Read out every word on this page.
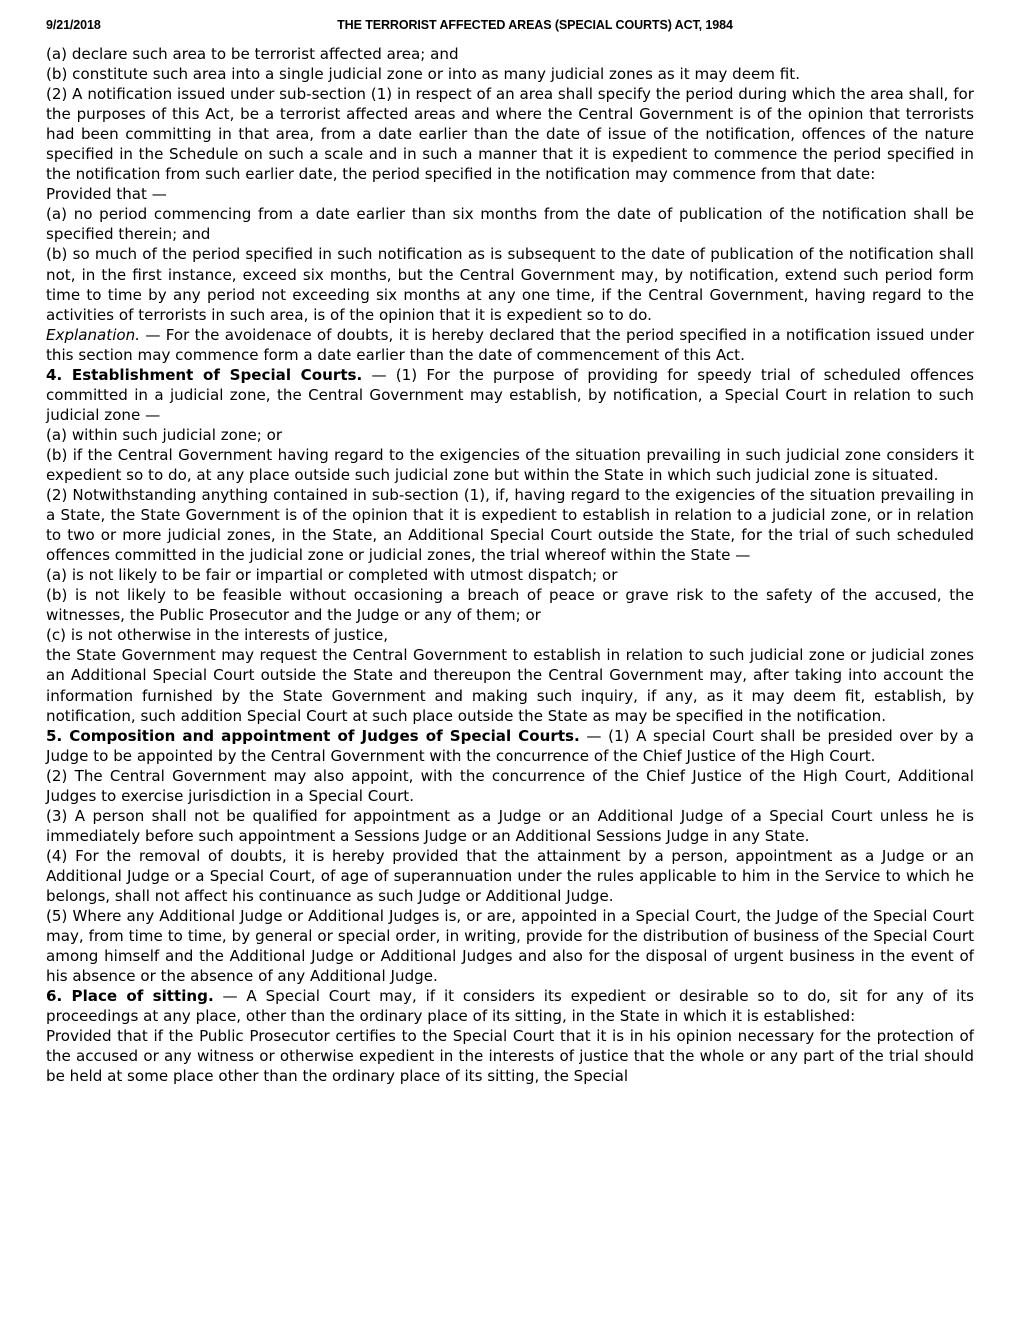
9/21/2018	THE TERRORIST AFFECTED AREAS (SPECIAL COURTS) ACT, 1984

(a) declare such area to be terrorist affected area; and

(b) constitute such area into a single judicial zone or into as many judicial zones as it may deem fit.

(2) A notification issued under sub-section (1) in respect of an area shall specify the period during which the area shall, for the purposes of this Act, be a terrorist affected areas and where the Central Government is of the opinion that terrorists had been committing in that area, from a date earlier than the date of issue of the notification, offences of the nature specified in the Schedule on such a scale and in such a manner that it is expedient to commence the period specified in the notification from such earlier date, the period specified in the notification may commence from that date:

Provided that —

(a) no period commencing from a date earlier than six months from the date of publication of the notification shall be specified therein; and

(b) so much of the period specified in such notification as is subsequent to the date of publication of the notification shall not, in the first instance, exceed six months, but the Central Government may, by notification, extend such period form time to time by any period not exceeding six months at any one time, if the Central Government, having regard to the activities of terrorists in such area, is of the opinion that it is expedient so to do.

Explanation. — For the avoidenace of doubts, it is hereby declared that the period specified in a notification issued under this section may commence form a date earlier than the date of commencement of this Act.

4. Establishment of Special Courts. — (1) For the purpose of providing for speedy trial of scheduled offences committed in a judicial zone, the Central Government may establish, by notification, a Special Court in relation to such judicial zone —

(a) within such judicial zone; or

(b) if the Central Government having regard to the exigencies of the situation prevailing in such judicial zone considers it expedient so to do, at any place outside such judicial zone but within the State in which such judicial zone is situated.

(2) Notwithstanding anything contained in sub-section (1), if, having regard to the exigencies of the situation prevailing in a State, the State Government is of the opinion that it is expedient to establish in relation to a judicial zone, or in relation to two or more judicial zones, in the State, an Additional Special Court outside the State, for the trial of such scheduled offences committed in the judicial zone or judicial zones, the trial whereof within the State —

(a) is not likely to be fair or impartial or completed with utmost dispatch; or

(b) is not likely to be feasible without occasioning a breach of peace or grave risk to the safety of the accused, the witnesses, the Public Prosecutor and the Judge or any of them; or

(c) is not otherwise in the interests of justice,

the State Government may request the Central Government to establish in relation to such judicial zone or judicial zones an Additional Special Court outside the State and thereupon the Central Government may, after taking into account the information furnished by the State Government and making such inquiry, if any, as it may deem fit, establish, by notification, such addition Special Court at such place outside the State as may be specified in the notification.

5. Composition and appointment of Judges of Special Courts. — (1) A special Court shall be presided over by a Judge to be appointed by the Central Government with the concurrence of the Chief Justice of the High Court.

(2) The Central Government may also appoint, with the concurrence of the Chief Justice of the High Court, Additional Judges to exercise jurisdiction in a Special Court.

(3) A person shall not be qualified for appointment as a Judge or an Additional Judge of a Special Court unless he is immediately before such appointment a Sessions Judge or an Additional Sessions Judge in any State.

(4) For the removal of doubts, it is hereby provided that the attainment by a person, appointment as a Judge or an Additional Judge or a Special Court, of age of superannuation under the rules applicable to him in the Service to which he belongs, shall not affect his continuance as such Judge or Additional Judge.

(5) Where any Additional Judge or Additional Judges is, or are, appointed in a Special Court, the Judge of the Special Court may, from time to time, by general or special order, in writing, provide for the distribution of business of the Special Court among himself and the Additional Judge or Additional Judges and also for the disposal of urgent business in the event of his absence or the absence of any Additional Judge.

6. Place of sitting. — A Special Court may, if it considers its expedient or desirable so to do, sit for any of its proceedings at any place, other than the ordinary place of its sitting, in the State in which it is established:

Provided that if the Public Prosecutor certifies to the Special Court that it is in his opinion necessary for the protection of the accused or any witness or otherwise expedient in the interests of justice that the whole or any part of the trial should be held at some place other than the ordinary place of its sitting, the Special
